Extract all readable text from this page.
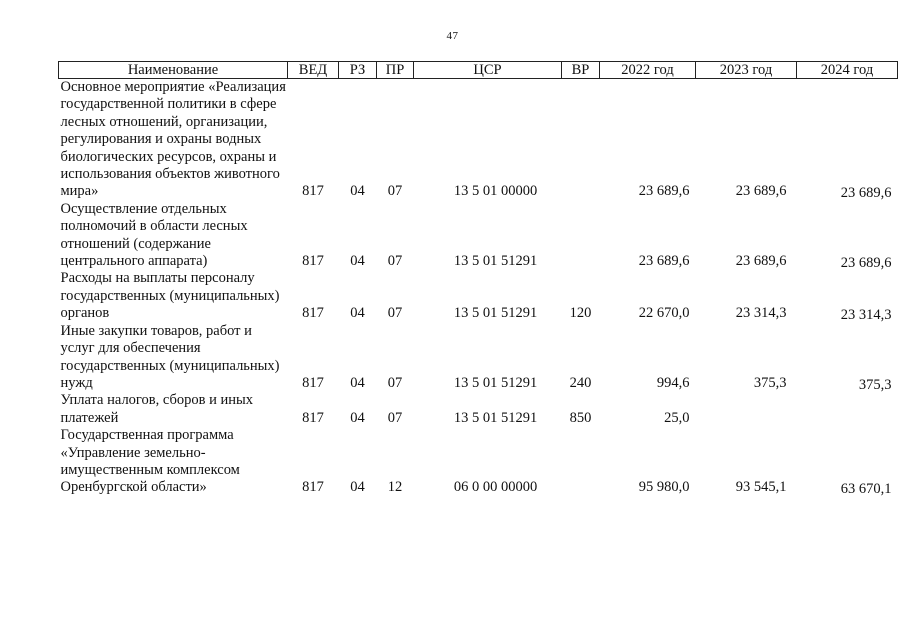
47
Наименование	ВЕД	РЗ	ПР	ЦСР	ВР	2022 год	2023 год	2024 год
Основное мероприятие «Реализация государственной политики в сфере лесных отношений, организации, регулирования и охраны водных биологических ресурсов, охраны и использования объектов животного мира»	817	04	07	13 5 01 00000		23 689,6	23 689,6	23 689,6
Осуществление отдельных полномочий в области лесных отношений (содержание центрального аппарата)	817	04	07	13 5 01 51291		23 689,6	23 689,6	23 689,6
Расходы на выплаты персоналу государственных (муниципальных) органов	817	04	07	13 5 01 51291	120	22 670,0	23 314,3	23 314,3
Иные закупки товаров, работ и услуг для обеспечения государственных (муниципальных) нужд	817	04	07	13 5 01 51291	240	994,6	375,3	375,3
Уплата налогов, сборов и иных платежей	817	04	07	13 5 01 51291	850	25,0		
Государственная программа «Управление земельно-имущественным комплексом Оренбургской области»	817	04	12	06 0 00 00000		95 980,0	93 545,1	63 670,1
